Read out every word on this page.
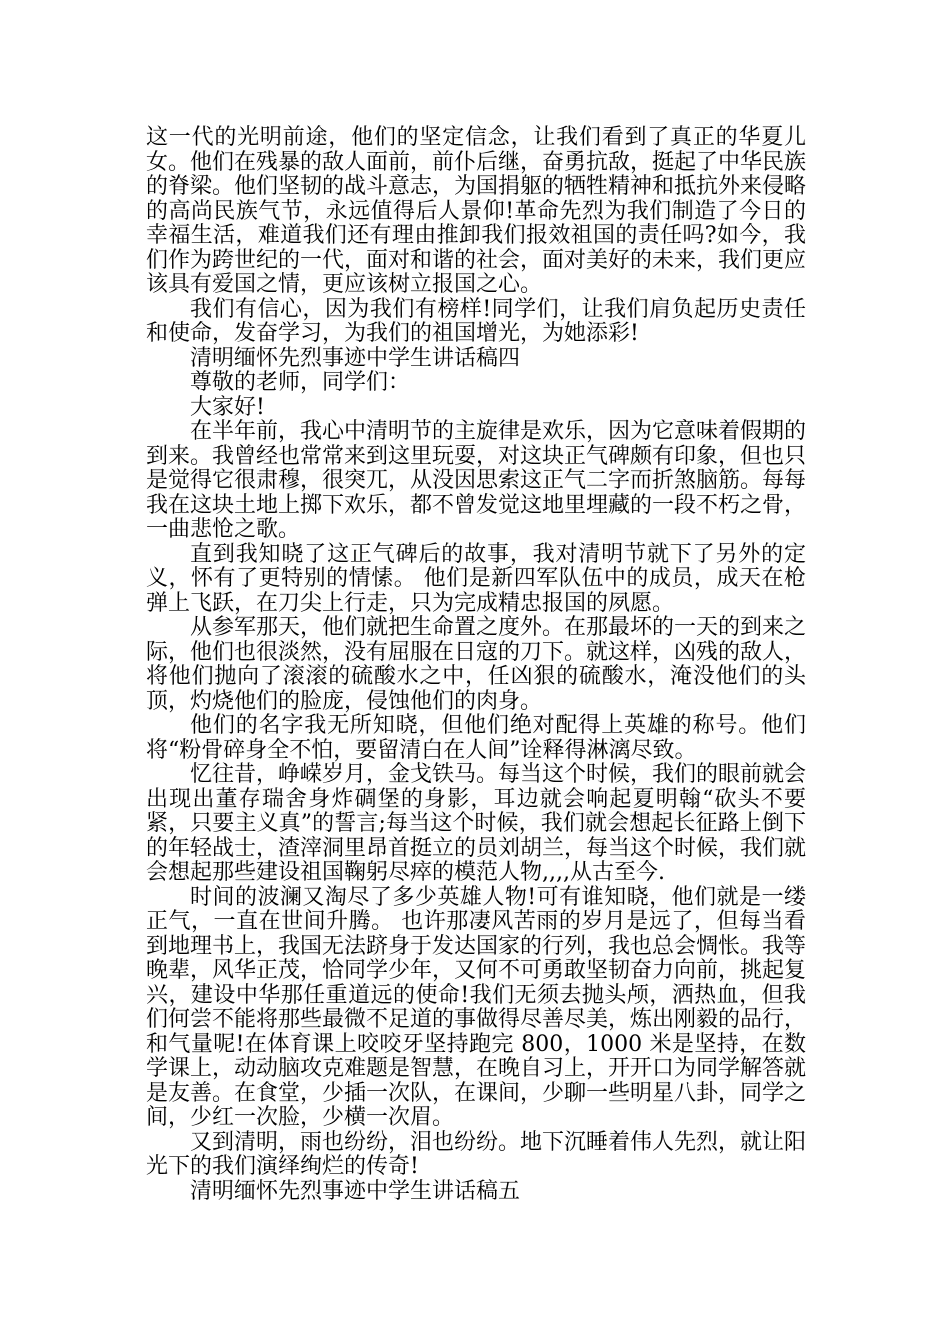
这一代的光明前途，他们的坚定信念，让我们看到了真正的华夏儿女。他们在残暴的敌人面前，前仆后继，奋勇抗敌，挺起了中华民族的脊梁。他们坚韧的战斗意志，为国捐躯的牺牲精神和抵抗外来侵略的高尚民族气节，永远值得后人景仰!革命先烈为我们制造了今日的幸福生活，难道我们还有理由推卸我们报效祖国的责任吗?如今，我们作为跨世纪的一代，面对和谐的社会，面对美好的未来，我们更应该具有爱国之情，更应该树立报国之心。

我们有信心，因为我们有榜样!同学们，让我们肩负起历史责任和使命，发奋学习，为我们的祖国增光，为她添彩!

清明缅怀先烈事迹中学生讲话稿四

尊敬的老师，同学们：

大家好!

在半年前，我心中清明节的主旋律是欢乐，因为它意味着假期的到来。我曾经也常常来到这里玩耍，对这块正气碑颇有印象，但也只是觉得它很肃穆，很突兀，从没因思索这正气二字而折煞脑筋。每每我在这块土地上掷下欢乐，都不曾发觉这地里埋藏的一段不朽之骨，一曲悲怆之歌。

直到我知晓了这正气碑后的故事，我对清明节就下了另外的定义，怀有了更特别的情愫。 他们是新四军队伍中的成员，成天在枪弹上飞跃，在刀尖上行走，只为完成精忠报国的夙愿。

从参军那天，他们就把生命置之度外。在那最坏的一天的到来之际，他们也很淡然，没有屈服在日寇的刀下。就这样，凶残的敌人，将他们抛向了滚滚的硫酸水之中，任凶狠的硫酸水，淹没他们的头顶，灼烧他们的脸庞，侵蚀他们的肉身。

他们的名字我无所知晓，但他们绝对配得上英雄的称号。他们将“粉骨碎身全不怕，要留清白在人间”诠释得淋漓尽致。

忆往昔，峥嵘岁月，金戈铁马。每当这个时候，我们的眼前就会出现出董存瑞舍身炸碉堡的身影，耳边就会响起夏明翰“砍头不要紧，只要主义真”的誓言;每当这个时候，我们就会想起长征路上倒下的年轻战士，渣滓洞里昂首挺立的员刘胡兰，每当这个时候，我们就会想起那些建设祖国鞠躬尽瘁的模范人物,,,,从古至今.

时间的波澜又淘尽了多少英雄人物!可有谁知晓，他们就是一缕正气，一直在世间升腾。 也许那凄风苦雨的岁月是远了，但每当看到地理书上，我国无法跻身于发达国家的行列，我也总会惆怅。我等晚辈，风华正茂，恰同学少年，又何不可勇敢坚韧奋力向前，挑起复兴，建设中华那任重道远的使命!我们无须去抛头颅，洒热血，但我们何尝不能将那些最微不足道的事做得尽善尽美，炼出刚毅的品行，和气量呢!在体育课上咬咬牙坚持跑完 800，1000 米是坚持，在数学课上，动动脑攻克难题是智慧，在晚自习上，开开口为同学解答就是友善。在食堂，少插一次队，在课间，少聊一些明星八卦，同学之间，少红一次脸，少横一次眉。

又到清明，雨也纷纷，泪也纷纷。地下沉睡着伟人先烈，就让阳光下的我们演绎绚烂的传奇!

清明缅怀先烈事迹中学生讲话稿五
